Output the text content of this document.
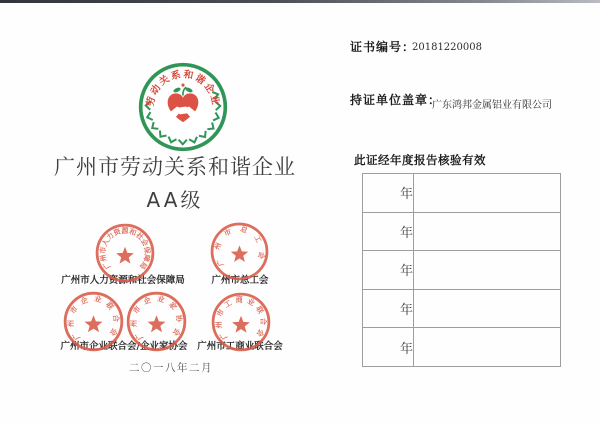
劳动关系和谐企业
广州市劳动关系和谐企业
AA级
广州市人力资源和社会保障局	广州市总工会
广州市企业联合会/企业家协会	广州市工商业联合会
广州市人力资源和社会保障局	广州市总工会
广州市企业联合会 广州市企业家协会	广州市工商业联合会
二〇一八年二月
证书编号：
20181220008
持证单位盖章：
广东鸿邦金属铝业有限公司
此证经年度报告核验有效
年	
年	
年	
年	
年	
